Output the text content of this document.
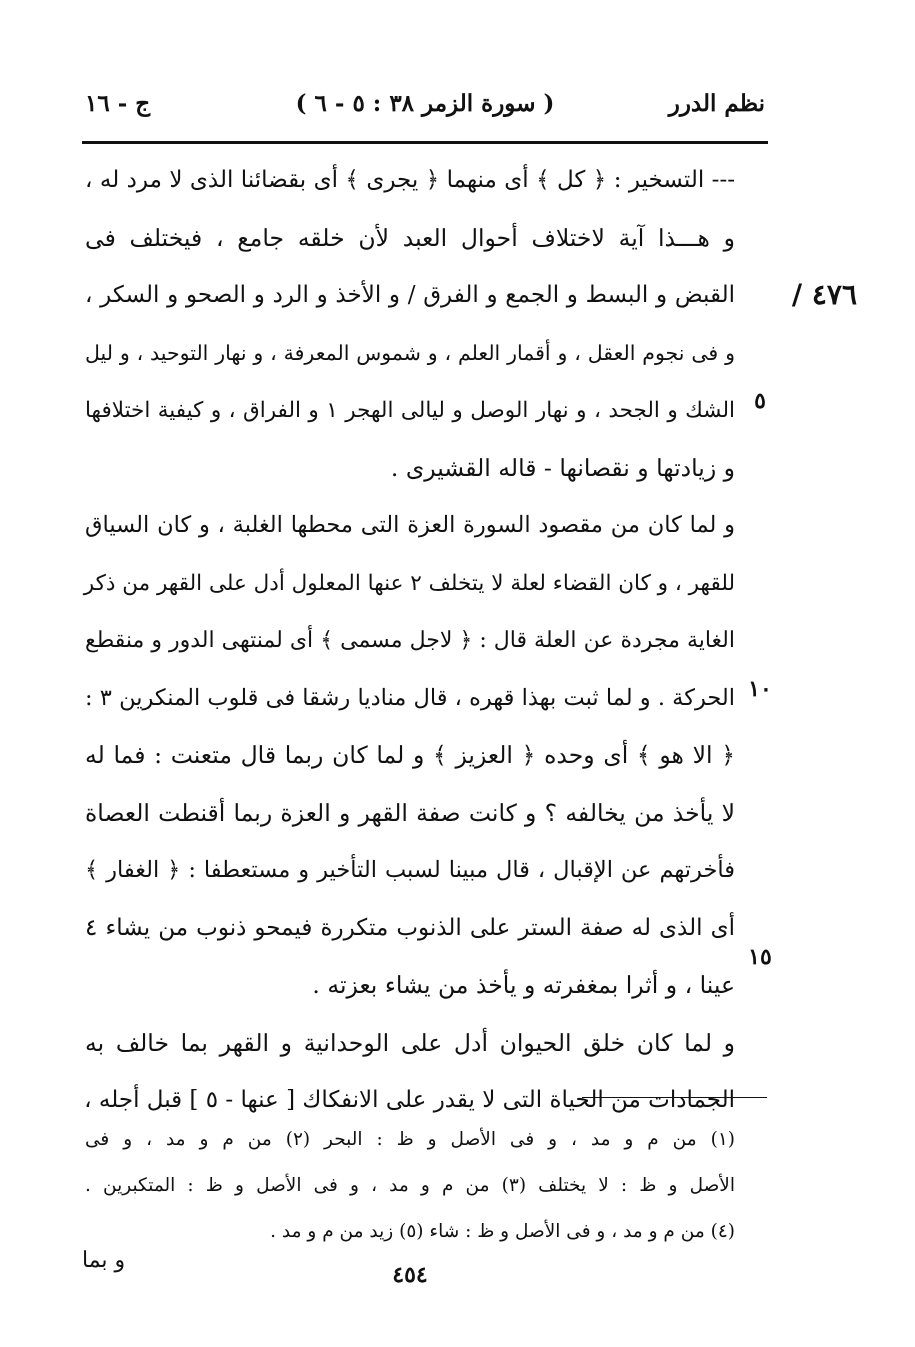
نظم الدرر
( سورة الزمر ٣٨ : ٥ - ٦ )
ج - ١٦
٤٧٦ /
٥
١٠
١٥
--- التسخير : ﴿ كل ﴾ أى منهما ﴿ يجرى ﴾ أى بقضائنا الذى لا مرد له ،
و هـــذا آية لاختلاف أحوال العبد لأن خلقه جامع ، فيختلف فى
القبض و البسط و الجمع و الفرق / و الأخذ و الرد و الصحو و السكر ،
و فى نجوم العقل ، و أقمار العلم ، و شموس المعرفة ، و نهار التوحيد ، و ليل
الشك و الجحد ، و نهار الوصل و ليالى الهجر ١ و الفراق ، و كيفية اختلافها
و زيادتها و نقصانها - قاله القشيرى .
و لما كان من مقصود السورة العزة التى محطها الغلبة ، و كان السياق
للقهر ، و كان القضاء لعلة لا يتخلف ٢ عنها المعلول أدل على القهر من ذكر
الغاية مجردة عن العلة قال : ﴿ لاجل مسمى ﴾ أى لمنتهى الدور و منقطع
الحركة . و لما ثبت بهذا قهره ، قال مناديا رشقا فى قلوب المنكرين ٣ :
﴿ الا هو ﴾ أى وحده ﴿ العزيز ﴾ و لما كان ربما قال متعنت : فما له
لا يأخذ من يخالفه ؟ و كانت صفة القهر و العزة ربما أقنطت العصاة
فأخرتهم عن الإقبال ، قال مبينا لسبب التأخير و مستعطفا : ﴿ الغفار ﴾
أى الذى له صفة الستر على الذنوب متكررة فيمحو ذنوب من يشاء ٤
عينا ، و أثرا بمغفرته و يأخذ من يشاء بعزته .
و لما كان خلق الحيوان أدل على الوحدانية و القهر بما خالف به
الجمادات من الحياة التى لا يقدر على الانفكاك [ عنها - ٥ ] قبل أجله ،
(١) من م و مد ، و فى الأصل و ظ : البحر (٢) من م و مد ، و فى
الأصل و ظ : لا يختلف (٣) من م و مد ، و فى الأصل و ظ : المتكبرين .
(٤) من م و مد ، و فى الأصل و ظ : شاء (٥) زيد من م و مد .
و بما
٤٥٤
